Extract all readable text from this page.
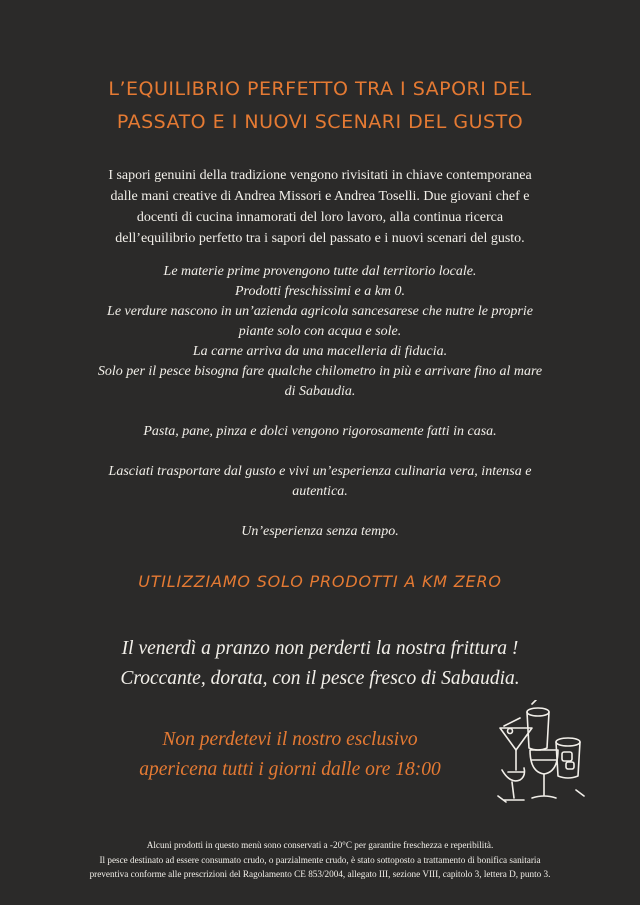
L’EQUILIBRIO PERFETTO TRA I SAPORI DEL
PASSATO E I NUOVI SCENARI DEL GUSTO

I sapori genuini della tradizione vengono rivisitati in chiave contemporanea

dalle mani creative di Andrea Missori e Andrea Toselli. Due giovani chef e

docenti di cucina innamorati del loro lavoro, alla continua ricerca

dell’equilibrio perfetto tra i sapori del passato e i nuovi scenari del gusto.

Le materie prime provengono tutte dal territorio locale.

Prodotti freschissimi e a km 0.

Le verdure nascono in un’azienda agricola sancesarese che nutre le proprie

piante solo con acqua e sole.

La carne arriva da una macelleria di fiducia.

Solo per il pesce bisogna fare qualche chilometro in più e arrivare fino al mare

di Sabaudia.

Pasta, pane, pinza e dolci vengono rigorosamente fatti in casa.

Lasciati trasportare dal gusto e vivi un’esperienza culinaria vera, intensa e

autentica.

Un’esperienza senza tempo.

UTILIZZIAMO SOLO PRODOTTI A KM ZERO
Il venerdì a pranzo non perderti la nostra frittura !
Croccante, dorata, con il pesce fresco di Sabaudia.
Non perdetevi il nostro esclusivo
apericena tutti i giorni dalle ore 18:00
Alcuni prodotti in questo menù sono conservati a -20°C per garantire freschezza e reperibilità.
Il pesce destinato ad essere consumato crudo, o parzialmente crudo, è stato sottoposto a trattamento di bonifica sanitaria
preventiva conforme alle prescrizioni del Ragolamento CE 853/2004, allegato III, sezione VIII, capitolo 3, lettera D, punto 3.
